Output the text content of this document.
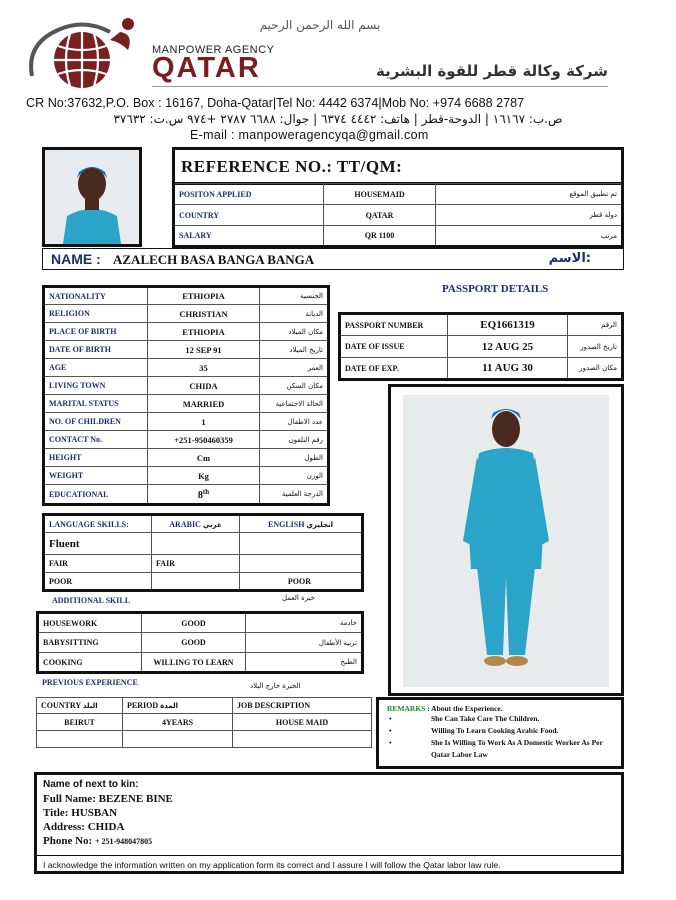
بسم الله الرحمن الرحيم
MANPOWER AGENCY
QATAR	شركة وكالة قطر للقوة البشرية
CR No:37632,P.O. Box : 16167, Doha-Qatar|Tel No: 4442 6374|Mob No: +974 6688 2787
ص.ب: ١٦١٦٧ | الدوحة-قطر | هاتف: ٤٤٤٢ ٦٣٧٤ | جوال: ٦٦٨٨ ٢٧٨٧ +٩٧٤ س.ت: ٣٧٦٣٢
E-mail : manpoweragencyqa@gmail.com
REFERENCE NO.: TT/QM:
POSITON APPLIED	HOUSEMAID	تم تطبيق الموقع
COUNTRY	QATAR	دولة قطر
SALARY	QR 1100	مرتب
NAME : AZALECH BASA BANGA BANGA	الاسم:
NATIONALITY	ETHIOPIA	الجنسية
RELIGION	CHRISTIAN	الديانة
PLACE OF BIRTH	ETHIOPIA	مكان الميلاد
DATE OF BIRTH	12 SEP 91	تاريخ الميلاد
AGE	35	العمر
LIVING TOWN	CHIDA	مكان السكن
MARITAL STATUS	MARRIED	الحالة الاجتماعية
NO. OF CHILDREN	1	عدد الاطفال
CONTACT No.	+251-950460359	رقم التلفون
HEIGHT	Cm	الطول
WEIGHT	Kg	الوزن
EDUCATIONAL	8th	الدرجة العلمية
PASSPORT DETAILS
PASSPORT NUMBER	EQ1661319	الرقم
DATE OF ISSUE	12 AUG 25	تاريخ الصدور
DATE OF EXP.	11 AUG 30	مكان الصدور
LANGUAGE SKILLS:	ARABIC عربي	ENGLISH انجليزي
Fluent		
FAIR	FAIR	
POOR		POOR
ADDITIONAL SKILL	خبرة العمل
HOUSEWORK	GOOD	خادمة
BABYSITTING	GOOD	تربية الأطفال
COOKING	WILLING TO LEARN	الطبخ
PREVIOUS EXPERIENCE	الخبرة خارج البلاد
COUNTRY البلد	PERIOD المدة	JOB DESCRIPTION
BEIRUT	4YEARS	HOUSE MAID

REMARKS : About the Experience.
•	She Can Take Care The Children.
•	Willing To Learn Cooking Arabic Food.
•	She Is Willing To Work As A Domestic Worker As Per Qatar Labor Law
Name of next to kin:
Full Name: BEZENE BINE
Title: HUSBAN
Address: CHIDA
Phone No: + 251-948047805
I acknowledge the information written on my application form its correct and I assure I will follow the Qatar labor law rule.
